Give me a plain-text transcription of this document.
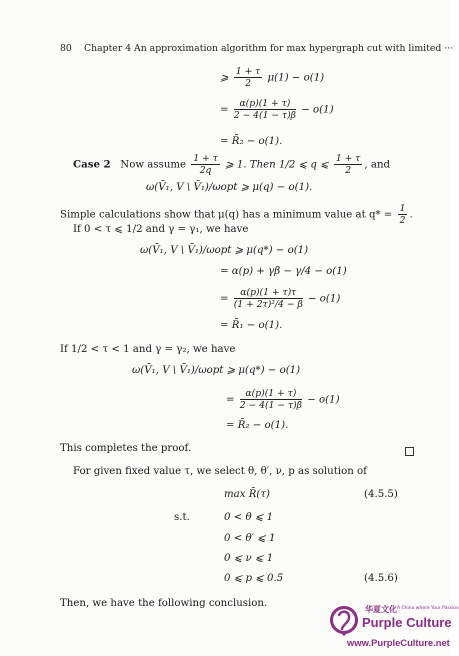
80 Chapter 4 An approximation algorithm for max hypergraph cut with limited ···
⩾ $\frac{1 + \tau}{2} \mu(1) - o(1)$
= $\frac{\alpha(p)(1 + \tau)}{2 - 4(1 - \tau)\beta} - o(1)$
= R̄₂ − o(1).
Case 2 Now assume $\frac{1 + \tau}{2q}$ ⩾ 1. Then 1/2 ⩽ q ⩽ $\frac{1 + \tau}{2}$ , and
ω(V̄₁, V \ V̄₁)/ωopt ⩾ μ(q) − o(1).
Simple calculations show that μ(q) has a minimum value at $q* = \frac{1}{2}$ .
If 0 < τ ⩽ 1/2 and γ = γ₁, we have
ω(V̄₁, V \ V̄₁)/ωopt ⩾ μ(q*) − o(1)
= α(p) + γβ − γ/4 − o(1)
= $\frac{\alpha(p)(1 + \tau)\tau}{\text{(1 + 2τ)²/4 − β}} - o(1)$
= R̄₁ − o(1).
If 1/2 < τ < 1 and γ = γ₂, we have
ω(V̄₁, V \ V̄₁)/ωopt ⩾ μ(q*) − o(1)
= $\frac{\alpha(p)(1 + \tau)}{2 - 4(1 - \tau)\beta} - o(1)$
= R̄₂ − o(1).
This completes the proof.
For given fixed value τ, we select θ, θ′, ν, p as solution of
max R̄(τ)	(4.5.5)
s.t.	0 < θ ⩽ 1
0 < θ′ ⩽ 1
0 ⩽ ν ⩽ 1
0 ⩽ p ⩽ 0.5	(4.5.6)
Then, we have the following conclusion.
华夏文化 A China where Your Passion
Purple Culture
www.PurpleCulture.net
